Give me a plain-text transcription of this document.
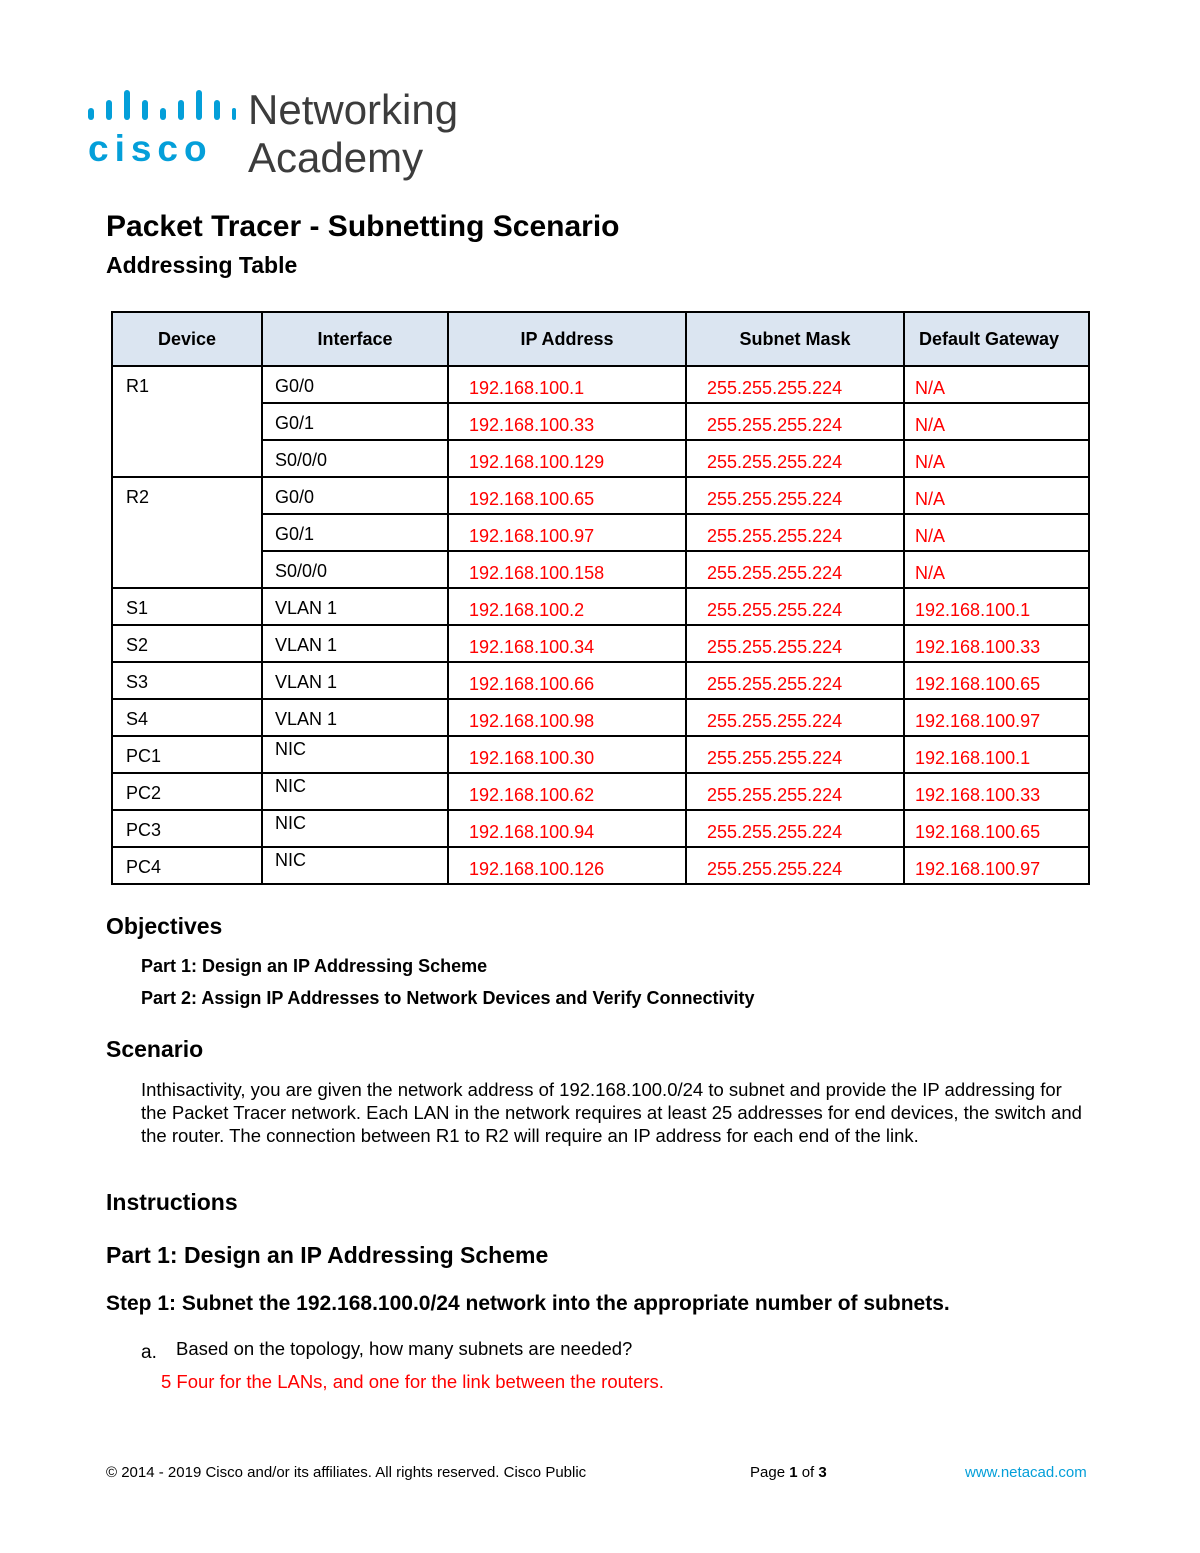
cisco
Networking
Academy
Packet Tracer - Subnetting Scenario
Addressing Table
Device	Interface	IP Address	Subnet Mask	Default Gateway

R1	G0/0	192.168.100.1	255.255.255.224	N/A

	G0/1	192.168.100.33	255.255.255.224	N/A

	S0/0/0	192.168.100.129	255.255.255.224	N/A

R2	G0/0	192.168.100.65	255.255.255.224	N/A

	G0/1	192.168.100.97	255.255.255.224	N/A

	S0/0/0	192.168.100.158	255.255.255.224	N/A

S1	VLAN 1	192.168.100.2	255.255.255.224	192.168.100.1

S2	VLAN 1	192.168.100.34	255.255.255.224	192.168.100.33

S3	VLAN 1	192.168.100.66	255.255.255.224	192.168.100.65

S4	VLAN 1	192.168.100.98	255.255.255.224	192.168.100.97

PC1	NIC	192.168.100.30	255.255.255.224	192.168.100.1

PC2	NIC	192.168.100.62	255.255.255.224	192.168.100.33

PC3	NIC	192.168.100.94	255.255.255.224	192.168.100.65

PC4	NIC	192.168.100.126	255.255.255.224	192.168.100.97
Objectives

Part 1: Design an IP Addressing Scheme

Part 2: Assign IP Addresses to Network Devices and Verify Connectivity

Scenario

Inthisactivity, you are given the network address of 192.168.100.0/24 to subnet and provide the IP addressing for the Packet Tracer network. Each LAN in the network requires at least 25 addresses for end devices, the switch and the router. The connection between R1 to R2 will require an IP address for each end of the link.

Instructions
Part 1: Design an IP Addressing Scheme
Step 1: Subnet the 192.168.100.0/24 network into the appropriate number of subnets.
a. Based on the topology, how many subnets are needed?
5 Four for the LANs, and one for the link between the routers.
© 2014 - 2019 Cisco and/or its affiliates. All rights reserved. Cisco Public	Page 1 of 3	www.netacad.com
